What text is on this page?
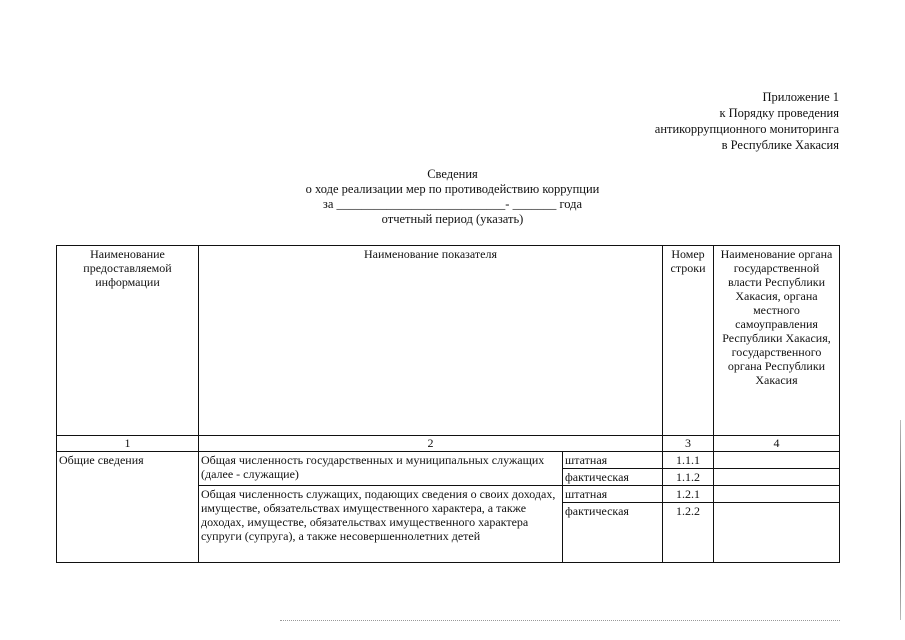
Приложение 1
к Порядку проведения
антикоррупционного мониторинга
в Республике Хакасия
Сведения
о ходе реализации мер по противодействию коррупции
за ___________________________- _______ года
отчетный период (указать)
Наименование предоставляемой информации	Наименование показателя		Номер строки	Наименование органа государственной власти Республики Хакасия, органа местного самоуправления Республики Хакасия, государственного органа Республики Хакасия
1	2		3	4
Общие сведения	Общая численность государственных и муниципальных служащих (далее - служащие)	штатная	1.1.1	
		фактическая	1.1.2	
	Общая численность служащих, подающих сведения о своих доходах, имуществе, обязательствах имущественного характера, а также доходах, имуществе, обязательствах имущественного характера супруги (супруга), а также несовершеннолетних детей	штатная	1.2.1	
		фактическая	1.2.2	
